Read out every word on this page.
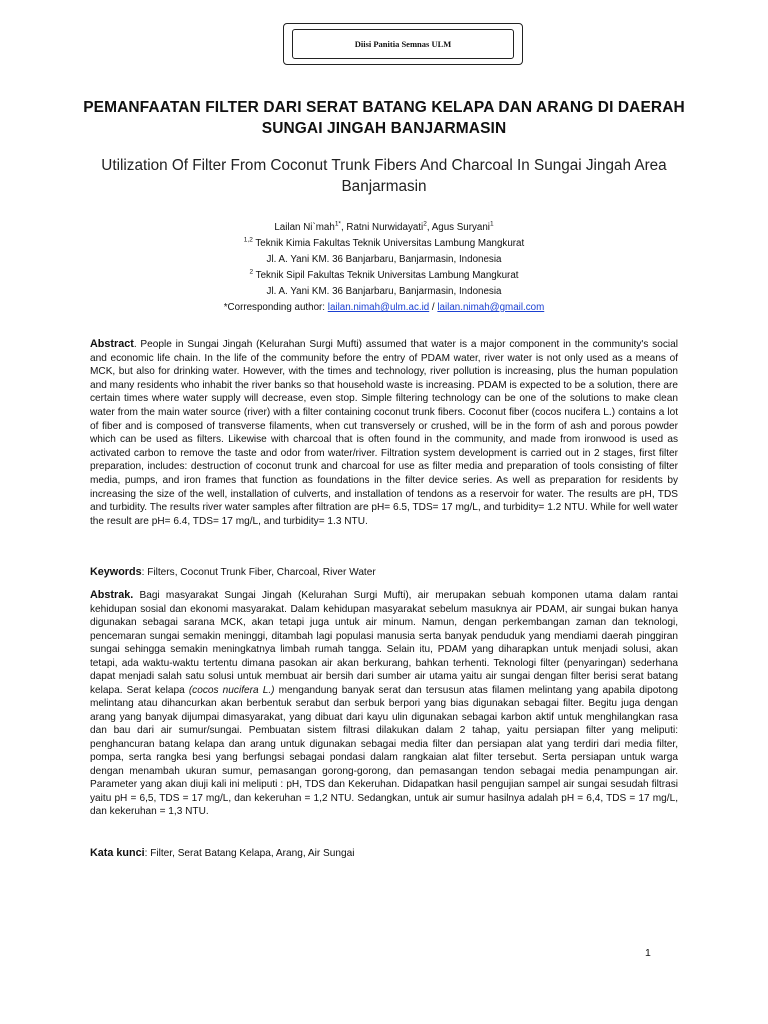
Diisi Panitia Semnas ULM
PEMANFAATAN FILTER DARI SERAT BATANG KELAPA DAN ARANG DI DAERAH SUNGAI JINGAH BANJARMASIN
Utilization Of Filter From Coconut Trunk Fibers And Charcoal In Sungai Jingah Area Banjarmasin
Lailan Ni`mah$^{1*}$, Ratni Nurwidayati$^2$, Agus Suryani$^1$
$^{1,2}$ Teknik Kimia Fakultas Teknik Universitas Lambung Mangkurat
Jl. A. Yani KM. 36 Banjarbaru, Banjarmasin, Indonesia
$^2$ Teknik Sipil Fakultas Teknik Universitas Lambung Mangkurat
Jl. A. Yani KM. 36 Banjarbaru, Banjarmasin, Indonesia
*Corresponding author: lailan.nimah@ulm.ac.id / lailan.nimah@gmail.com
Abstract. People in Sungai Jingah (Kelurahan Surgi Mufti) assumed that water is a major component in the community's social and economic life chain. In the life of the community before the entry of PDAM water, river water is not only used as a means of MCK, but also for drinking water. However, with the times and technology, river pollution is increasing, plus the human population and many residents who inhabit the river banks so that household waste is increasing. PDAM is expected to be a solution, there are certain times where water supply will decrease, even stop. Simple filtering technology can be one of the solutions to make clean water from the main water source (river) with a filter containing coconut trunk fibers. Coconut fiber (cocos nucifera L.) contains a lot of fiber and is composed of transverse filaments, when cut transversely or crushed, will be in the form of ash and porous powder which can be used as filters. Likewise with charcoal that is often found in the community, and made from ironwood is used as activated carbon to remove the taste and odor from water/river. Filtration system development is carried out in 2 stages, first filter preparation, includes: destruction of coconut trunk and charcoal for use as filter media and preparation of tools consisting of filter media, pumps, and iron frames that function as foundations in the filter device series. As well as preparation for residents by increasing the size of the well, installation of culverts, and installation of tendons as a reservoir for water. The results are pH, TDS and turbidity. The results river water samples after filtration are pH= 6.5, TDS= 17 mg/L, and turbidity= 1.2 NTU. While for well water the result are pH= 6.4, TDS= 17 mg/L, and turbidity= 1.3 NTU.
Keywords: Filters, Coconut Trunk Fiber, Charcoal, River Water
Abstrak. Bagi masyarakat Sungai Jingah (Kelurahan Surgi Mufti), air merupakan sebuah komponen utama dalam rantai kehidupan sosial dan ekonomi masyarakat. Dalam kehidupan masyarakat sebelum masuknya air PDAM, air sungai bukan hanya digunakan sebagai sarana MCK, akan tetapi juga untuk air minum. Namun, dengan perkembangan zaman dan teknologi, pencemaran sungai semakin meninggi, ditambah lagi populasi manusia serta banyak penduduk yang mendiami daerah pinggiran sungai sehingga semakin meningkatnya limbah rumah tangga. Selain itu, PDAM yang diharapkan untuk menjadi solusi, akan tetapi, ada waktu-waktu tertentu dimana pasokan air akan berkurang, bahkan terhenti. Teknologi filter (penyaringan) sederhana dapat menjadi salah satu solusi untuk membuat air bersih dari sumber air utama yaitu air sungai dengan filter berisi serat batang kelapa. Serat kelapa (cocos nucifera L.) mengandung banyak serat dan tersusun atas filamen melintang yang apabila dipotong melintang atau dihancurkan akan berbentuk serabut dan serbuk berpori yang bias digunakan sebagai filter. Begitu juga dengan arang yang banyak dijumpai dimasyarakat, yang dibuat dari kayu ulin digunakan sebagai karbon aktif untuk menghilangkan rasa dan bau dari air sumur/sungai. Pembuatan sistem filtrasi dilakukan dalam 2 tahap, yaitu persiapan filter yang meliputi: penghancuran batang kelapa dan arang untuk digunakan sebagai media filter dan persiapan alat yang terdiri dari media filter, pompa, serta rangka besi yang berfungsi sebagai pondasi dalam rangkaian alat filter tersebut. Serta persiapan untuk warga dengan menambah ukuran sumur, pemasangan gorong-gorong, dan pemasangan tendon sebagai media penampungan air. Parameter yang akan diuji kali ini meliputi : pH, TDS dan Kekeruhan. Didapatkan hasil pengujian sampel air sungai sesudah filtrasi yaitu pH = 6,5, TDS = 17 mg/L, dan kekeruhan = 1,2 NTU. Sedangkan, untuk air sumur hasilnya adalah pH = 6,4, TDS = 17 mg/L, dan kekeruhan = 1,3 NTU.
Kata kunci: Filter, Serat Batang Kelapa, Arang, Air Sungai
1
